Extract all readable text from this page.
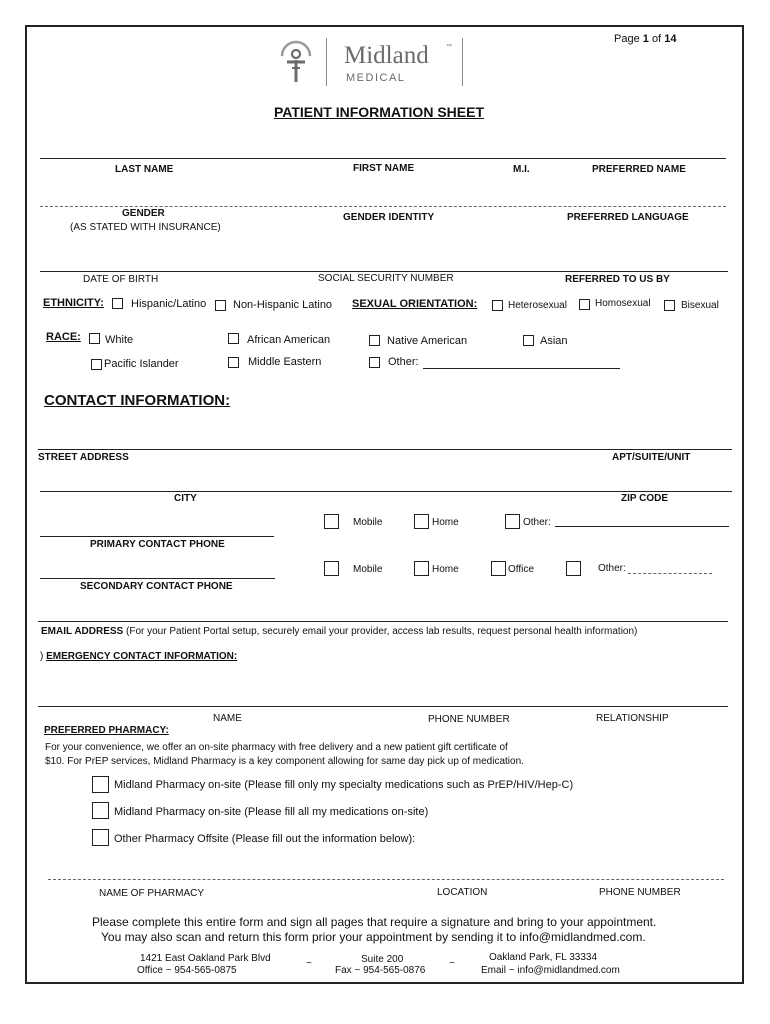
Page 1 of 14
Midland	™
MEDICAL
PATIENT INFORMATION SHEET
LAST NAME	FIRST NAME	M.I.	PREFERRED NAME
GENDER
(AS STATED WITH INSURANCE)
GENDER IDENTITY	PREFERRED LANGUAGE
DATE OF BIRTH	SOCIAL SECURITY NUMBER	REFERRED TO US BY
ETHNICITY: Hispanic/Latino Non-Hispanic Latino SEXUAL ORIENTATION:	Heterosexual	Homosexual	Bisexual
RACE: White	African American	Native American	Asian
Pacific Islander	Middle Eastern	Other:
CONTACT INFORMATION:
STREET ADDRESS	APT/SUITE/UNIT
CITY	ZIP CODE
PRIMARY CONTACT PHONE
Mobile	Home	Other:
SECONDARY CONTACT PHONE
Mobile	Home	Office	Other:
EMAIL ADDRESS (For your Patient Portal setup, securely email your provider, access lab results, request personal health information)
) EMERGENCY CONTACT INFORMATION:
NAME	PHONE NUMBER	RELATIONSHIP
PREFERRED PHARMACY:
For your convenience, we offer an on-site pharmacy with free delivery and a new patient gift certificate of
$10. For PrEP services, Midland Pharmacy is a key component allowing for same day pick up of medication.
Midland Pharmacy on-site (Please fill only my specialty medications such as PrEP/HIV/Hep-C)
Midland Pharmacy on-site (Please fill all my medications on-site)
Other Pharmacy Offsite (Please fill out the information below):
NAME OF PHARMACY	LOCATION	PHONE NUMBER
Please complete this entire form and sign all pages that require a signature and bring to your appointment.
You may also scan and return this form prior your appointment by sending it to info@midlandmed.com.
1421 East Oakland Park Blvd
Office ~ 954-565-0875
~	Suite 200
Fax ~ 954-565-0876
~
Oakland Park, FL 33334
Email ~ info@midlandmed.com
